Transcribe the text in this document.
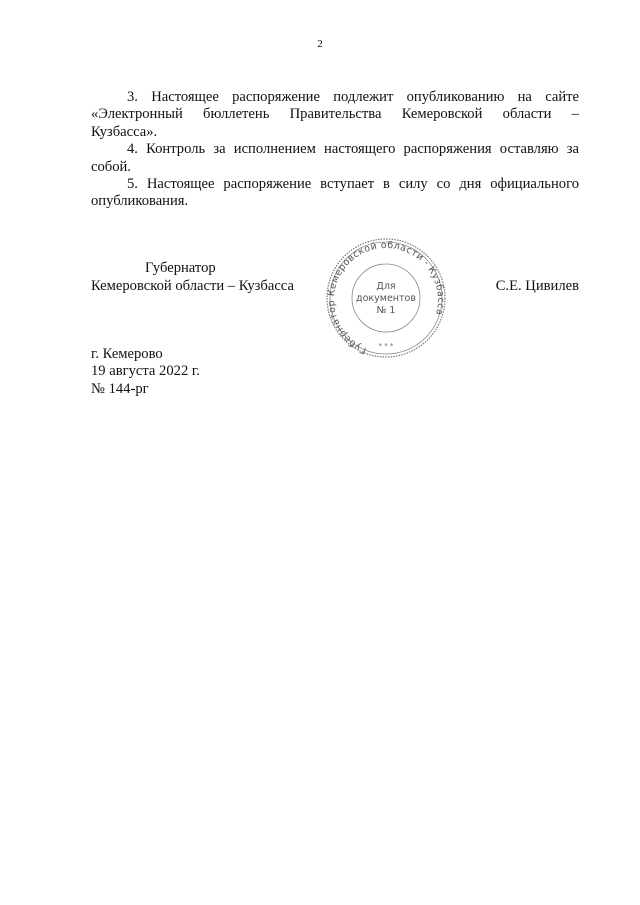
2

3. Настоящее распоряжение подлежит опубликованию на сайте
«Электронный бюллетень Правительства Кемеровской области –
Кузбасса».

4. Контроль за исполнением настоящего распоряжения оставляю за собой.

5. Настоящее распоряжение вступает в силу со дня официального опубликования.

Губернатор
Кемеровской области – Кузбасса	С.Е. Цивилев
Губернатор Кемеровской области - Кузбасса
Для
документов
№ 1
* * *
г. Кемерово
19 августа 2022 г.
№ 144-рг
